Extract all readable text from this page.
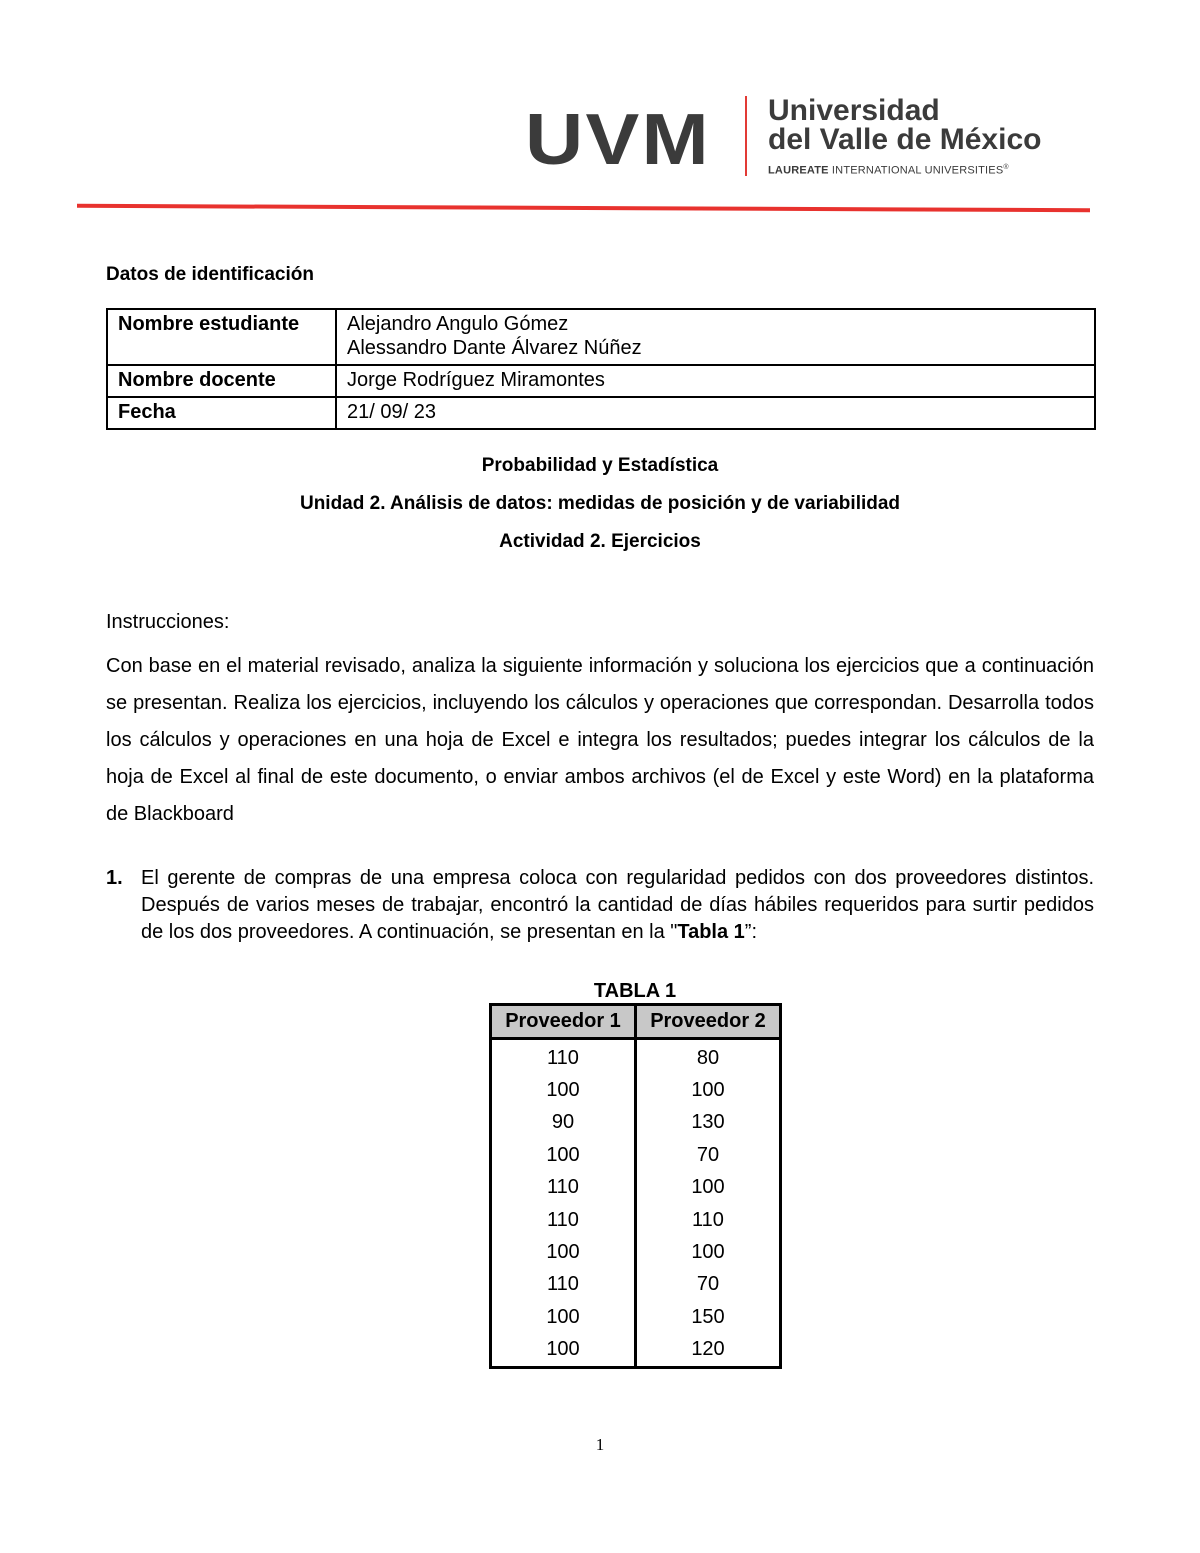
UVM Universidad
del Valle de México
LAUREATE INTERNATIONAL UNIVERSITIES®
Datos de identificación
Nombre estudiante	Alejandro Angulo Gómez
Alessandro Dante Álvarez Núñez

Nombre docente	Jorge Rodríguez Miramontes
Fecha	21/ 09/ 23
Probabilidad y Estadística
Unidad 2. Análisis de datos: medidas de posición y de variabilidad
Actividad 2. Ejercicios
Instrucciones:
Con base en el material revisado, analiza la siguiente información y soluciona los ejercicios que a continuación se presentan. Realiza los ejercicios, incluyendo los cálculos y operaciones que correspondan. Desarrolla todos los cálculos y operaciones en una hoja de Excel e integra los resultados; puedes integrar los cálculos de la hoja de Excel al final de este documento, o enviar ambos archivos (el de Excel y este Word) en la plataforma de Blackboard
1. El gerente de compras de una empresa coloca con regularidad pedidos con dos proveedores distintos. Después de varios meses de trabajar, encontró la cantidad de días hábiles requeridos para surtir pedidos de los dos proveedores. A continuación, se presentan en la "Tabla 1”:
TABLA 1
Proveedor 1	Proveedor 2
110	80
100	100
90	130
100	70
110	100
110	110
100	100
110	70
100	150
100	120
1
